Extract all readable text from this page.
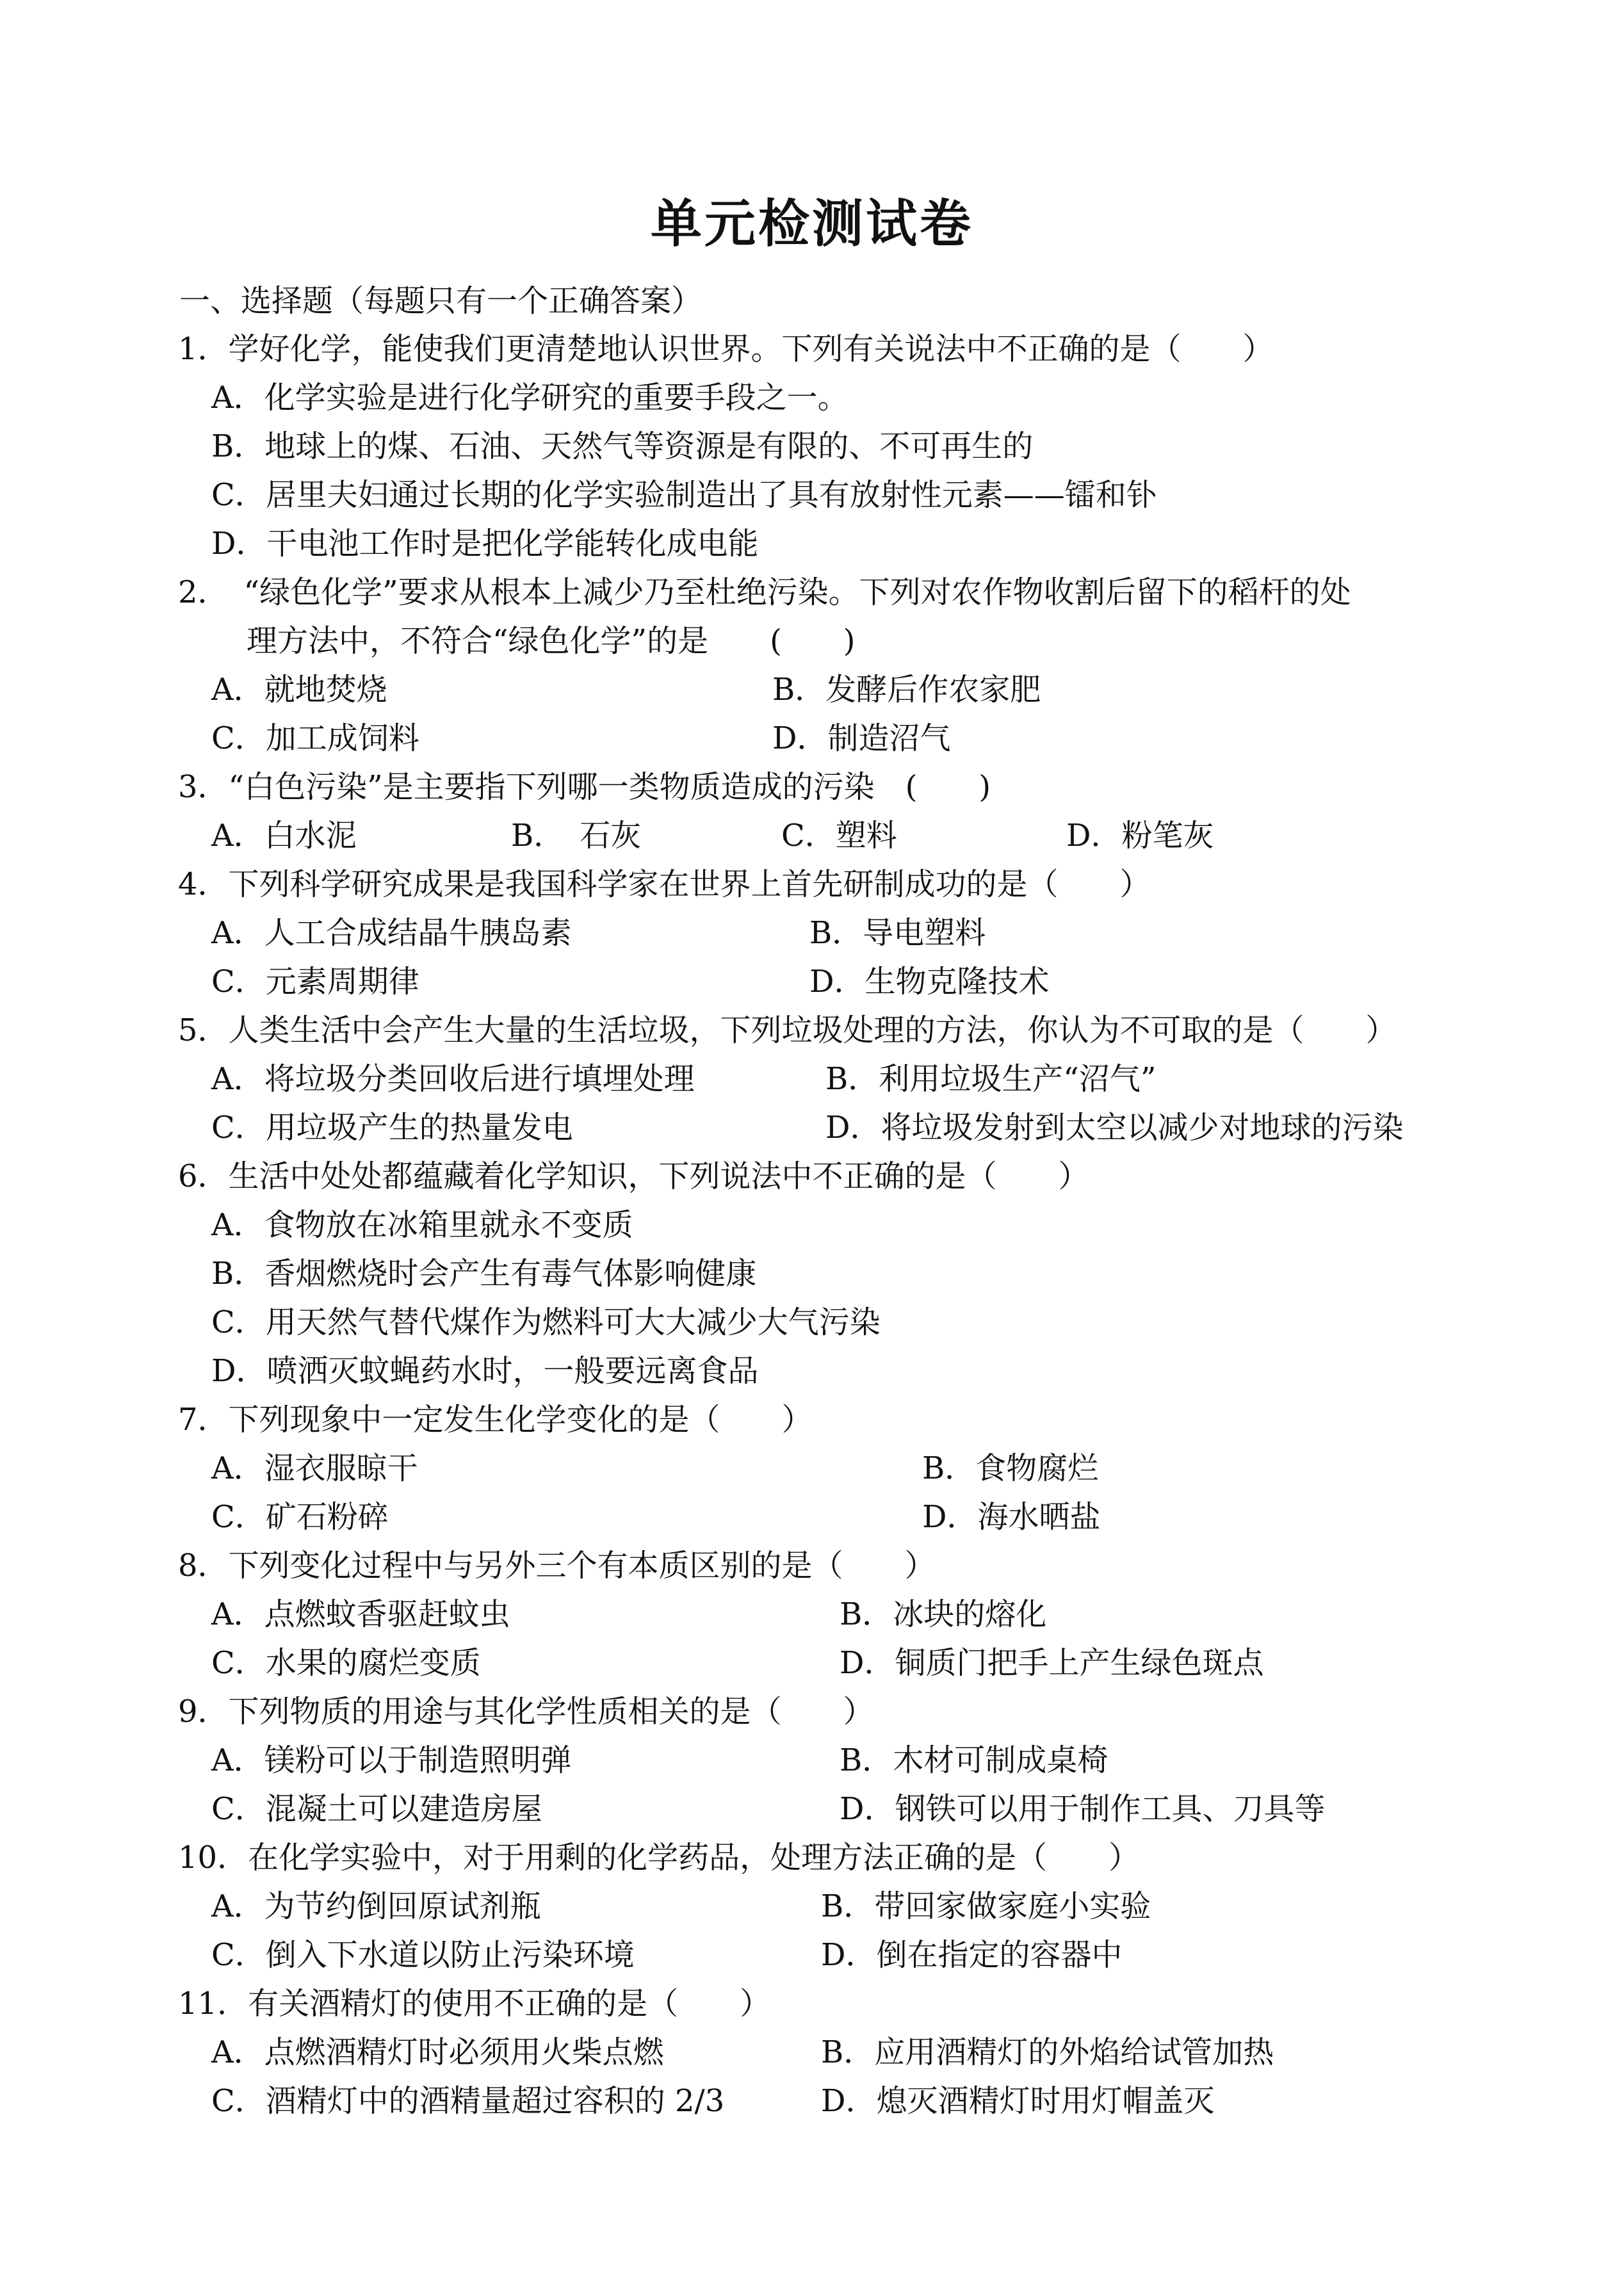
单元检测试卷
一、选择题（每题只有一个正确答案）
1．学好化学，能使我们更清楚地认识世界。下列有关说法中不正确的是（　　）
A．化学实验是进行化学研究的重要手段之一。
B．地球上的煤、石油、天然气等资源是有限的、不可再生的
C．居里夫妇通过长期的化学实验制造出了具有放射性元素——镭和钋
D．干电池工作时是把化学能转化成电能
2．　“绿色化学”要求从根本上减少乃至杜绝污染。下列对农作物收割后留下的稻杆的处
理方法中，不符合“绿色化学”的是　　(　　)
A．就地焚烧	B．发酵后作农家肥
C．加工成饲料	D．制造沼气
3．“白色污染”是主要指下列哪一类物质造成的污染　(　　)
A．白水泥	B．　石灰	C．塑料	D．粉笔灰
4．下列科学研究成果是我国科学家在世界上首先研制成功的是（　　）
A．人工合成结晶牛胰岛素	B．导电塑料
C．元素周期律	D．生物克隆技术
5．人类生活中会产生大量的生活垃圾，下列垃圾处理的方法，你认为不可取的是（　　）
A．将垃圾分类回收后进行填埋处理	B．利用垃圾生产“沼气”
C．用垃圾产生的热量发电	D．将垃圾发射到太空以减少对地球的污染
6．生活中处处都蕴藏着化学知识，下列说法中不正确的是（　　）
A．食物放在冰箱里就永不变质
B．香烟燃烧时会产生有毒气体影响健康
C．用天然气替代煤作为燃料可大大减少大气污染
D．喷洒灭蚊蝇药水时，一般要远离食品
7．下列现象中一定发生化学变化的是（　　）
A．湿衣服晾干	B．食物腐烂
C．矿石粉碎	D．海水晒盐
8．下列变化过程中与另外三个有本质区别的是（　　）
A．点燃蚊香驱赶蚊虫	B．冰块的熔化
C．水果的腐烂变质	D．铜质门把手上产生绿色斑点
9．下列物质的用途与其化学性质相关的是（　　）
A．镁粉可以于制造照明弹	B．木材可制成桌椅
C．混凝土可以建造房屋	D．钢铁可以用于制作工具、刀具等
10．在化学实验中，对于用剩的化学药品，处理方法正确的是（　　）
A．为节约倒回原试剂瓶	B．带回家做家庭小实验
C．倒入下水道以防止污染环境	D．倒在指定的容器中
11．有关酒精灯的使用不正确的是（　　）
A．点燃酒精灯时必须用火柴点燃	B．应用酒精灯的外焰给试管加热
C．酒精灯中的酒精量超过容积的 2/3	D．熄灭酒精灯时用灯帽盖灭
